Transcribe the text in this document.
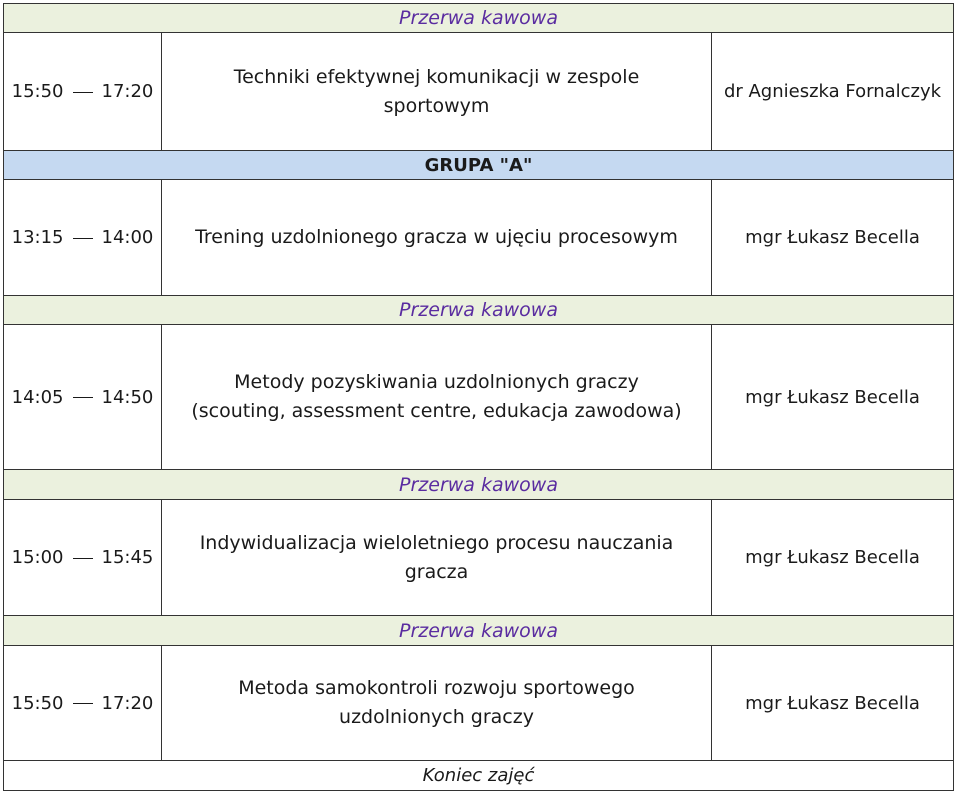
Przerwa kawowa		
15:50 17:20	Techniki efektywnej komunikacji w zespole sportowym	dr Agnieszka Fornalczyk
GRUPA "A"		
13:15 14:00	Trening uzdolnionego gracza w ujęciu procesowym	mgr Łukasz Becella
Przerwa kawowa		
14:05 14:50	Metody pozyskiwania uzdolnionych graczy (scouting, assessment centre, edukacja zawodowa)	mgr Łukasz Becella
Przerwa kawowa		
15:00 15:45	Indywidualizacja wieloletniego procesu nauczania gracza	mgr Łukasz Becella
Przerwa kawowa		
15:50 17:20	Metoda samokontroli rozwoju sportowego uzdolnionych graczy	mgr Łukasz Becella
Koniec zajęć		
